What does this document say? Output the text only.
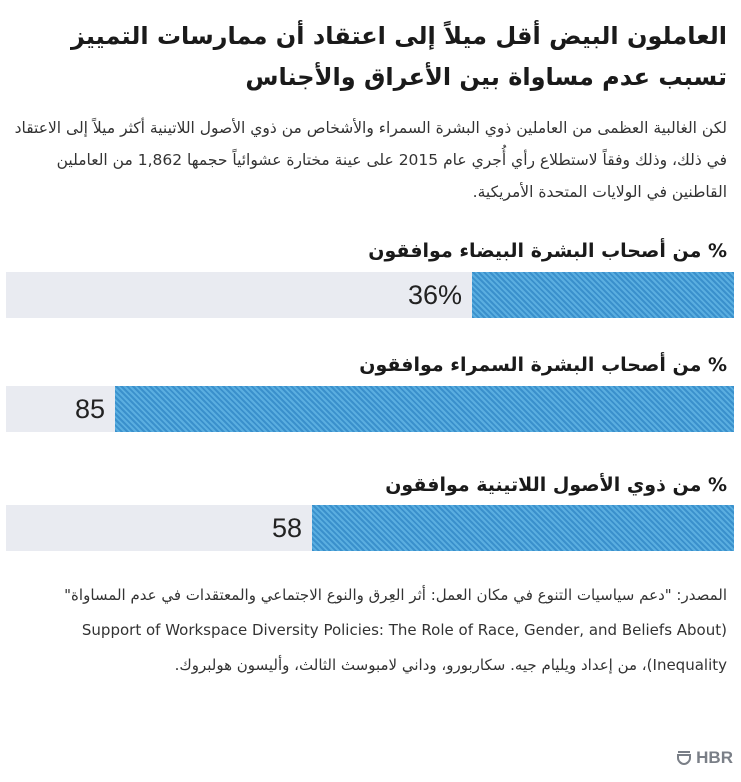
العاملون البيض أقل ميلاً إلى اعتقاد أن ممارسات التمييز تسبب عدم مساواة بين الأعراق والأجناس
لكن الغالبية العظمى من العاملين ذوي البشرة السمراء والأشخاص من ذوي الأصول اللاتينية أكثر ميلاً إلى الاعتقاد في ذلك، وذلك وفقاً لاستطلاع رأي أُجري عام 2015 على عينة مختارة عشوائياً حجمها 1,862 من العاملين القاطنين في الولايات المتحدة الأمريكية.
% من أصحاب البشرة البيضاء موافقون
36%
% من أصحاب البشرة السمراء موافقون
85
% من ذوي الأصول اللاتينية موافقون
58
المصدر: "دعم سياسيات التنوع في مكان العمل: أثر العِرق والنوع الاجتماعي والمعتقدات في عدم المساواة" (Support of Workspace Diversity Policies: The Role of Race, Gender, and Beliefs About Inequality)، من إعداد ويليام جيه. سكاربورو، وداني لامبوسث الثالث، وأليسون هولبروك.
HBR
